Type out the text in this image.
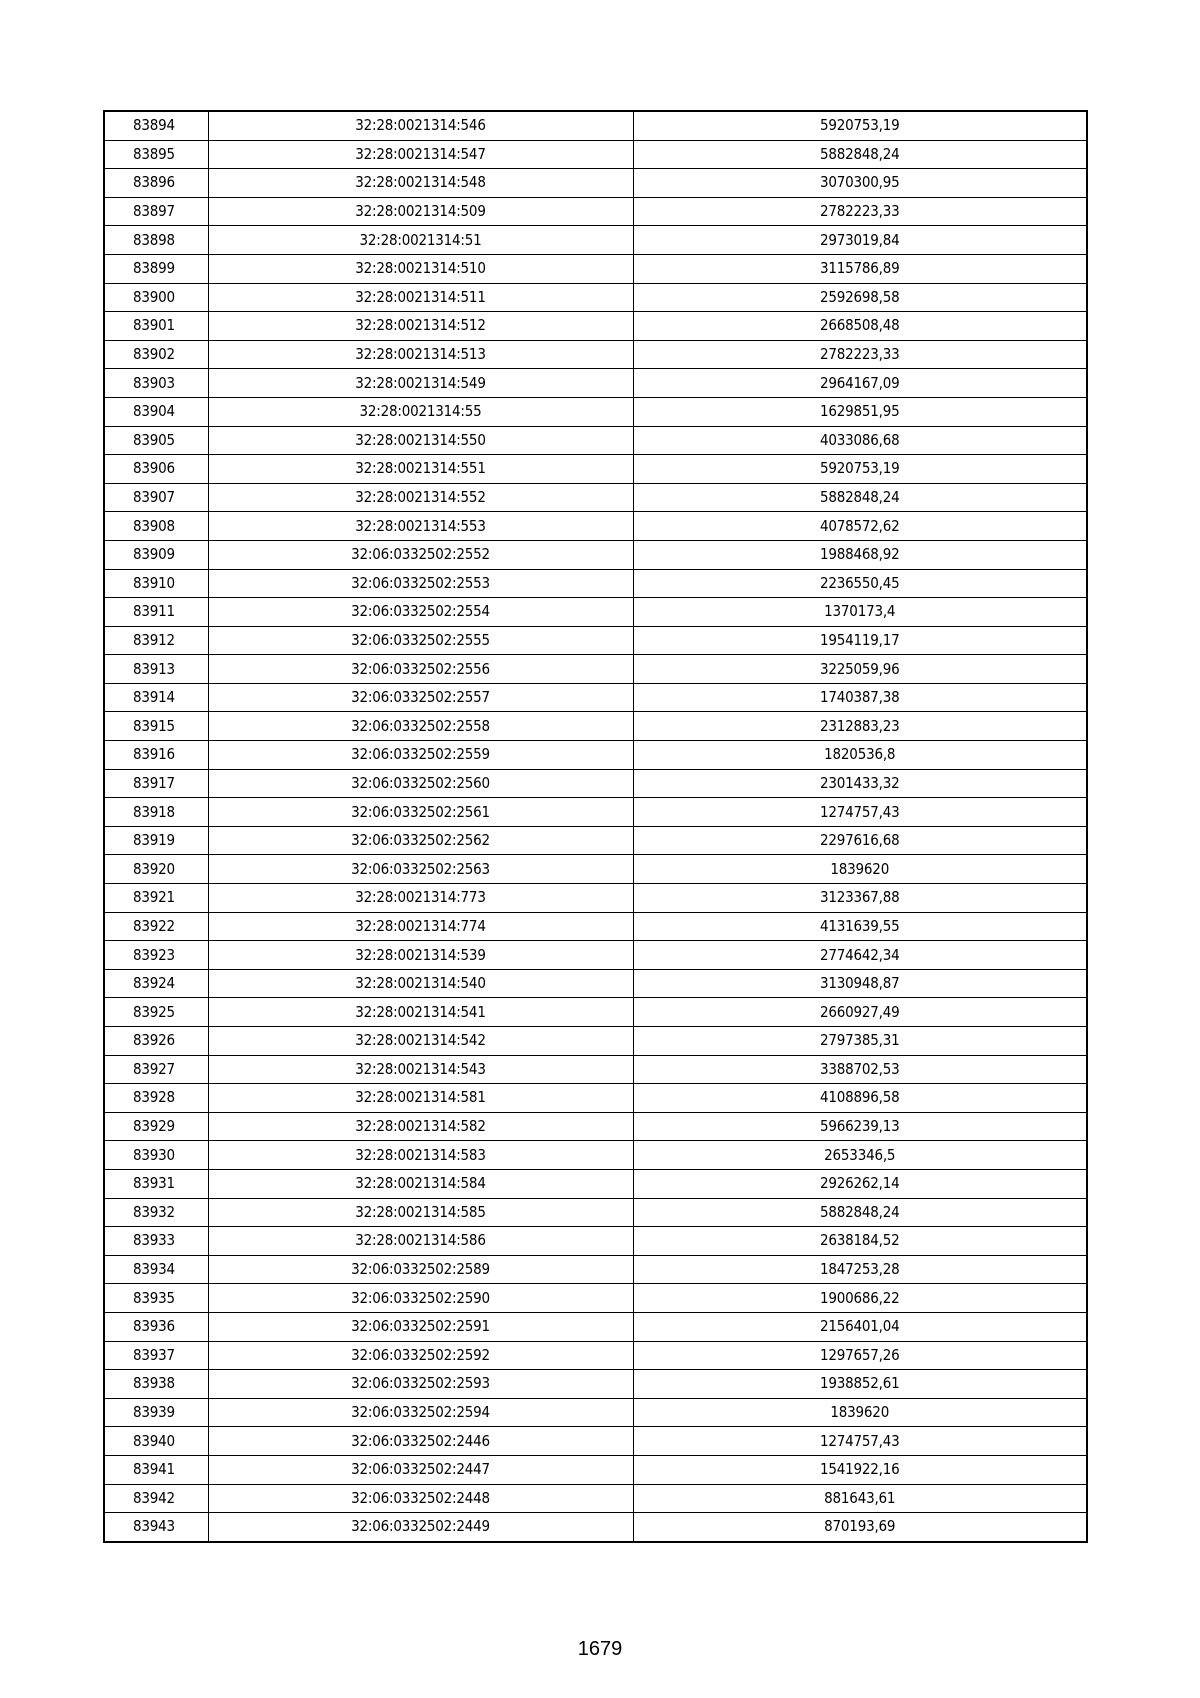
83894	32:28:0021314:546	5920753,19
83895	32:28:0021314:547	5882848,24
83896	32:28:0021314:548	3070300,95
83897	32:28:0021314:509	2782223,33
83898	32:28:0021314:51	2973019,84
83899	32:28:0021314:510	3115786,89
83900	32:28:0021314:511	2592698,58
83901	32:28:0021314:512	2668508,48
83902	32:28:0021314:513	2782223,33
83903	32:28:0021314:549	2964167,09
83904	32:28:0021314:55	1629851,95
83905	32:28:0021314:550	4033086,68
83906	32:28:0021314:551	5920753,19
83907	32:28:0021314:552	5882848,24
83908	32:28:0021314:553	4078572,62
83909	32:06:0332502:2552	1988468,92
83910	32:06:0332502:2553	2236550,45
83911	32:06:0332502:2554	1370173,4
83912	32:06:0332502:2555	1954119,17
83913	32:06:0332502:2556	3225059,96
83914	32:06:0332502:2557	1740387,38
83915	32:06:0332502:2558	2312883,23
83916	32:06:0332502:2559	1820536,8
83917	32:06:0332502:2560	2301433,32
83918	32:06:0332502:2561	1274757,43
83919	32:06:0332502:2562	2297616,68
83920	32:06:0332502:2563	1839620
83921	32:28:0021314:773	3123367,88
83922	32:28:0021314:774	4131639,55
83923	32:28:0021314:539	2774642,34
83924	32:28:0021314:540	3130948,87
83925	32:28:0021314:541	2660927,49
83926	32:28:0021314:542	2797385,31
83927	32:28:0021314:543	3388702,53
83928	32:28:0021314:581	4108896,58
83929	32:28:0021314:582	5966239,13
83930	32:28:0021314:583	2653346,5
83931	32:28:0021314:584	2926262,14
83932	32:28:0021314:585	5882848,24
83933	32:28:0021314:586	2638184,52
83934	32:06:0332502:2589	1847253,28
83935	32:06:0332502:2590	1900686,22
83936	32:06:0332502:2591	2156401,04
83937	32:06:0332502:2592	1297657,26
83938	32:06:0332502:2593	1938852,61
83939	32:06:0332502:2594	1839620
83940	32:06:0332502:2446	1274757,43
83941	32:06:0332502:2447	1541922,16
83942	32:06:0332502:2448	881643,61
83943	32:06:0332502:2449	870193,69
1679
